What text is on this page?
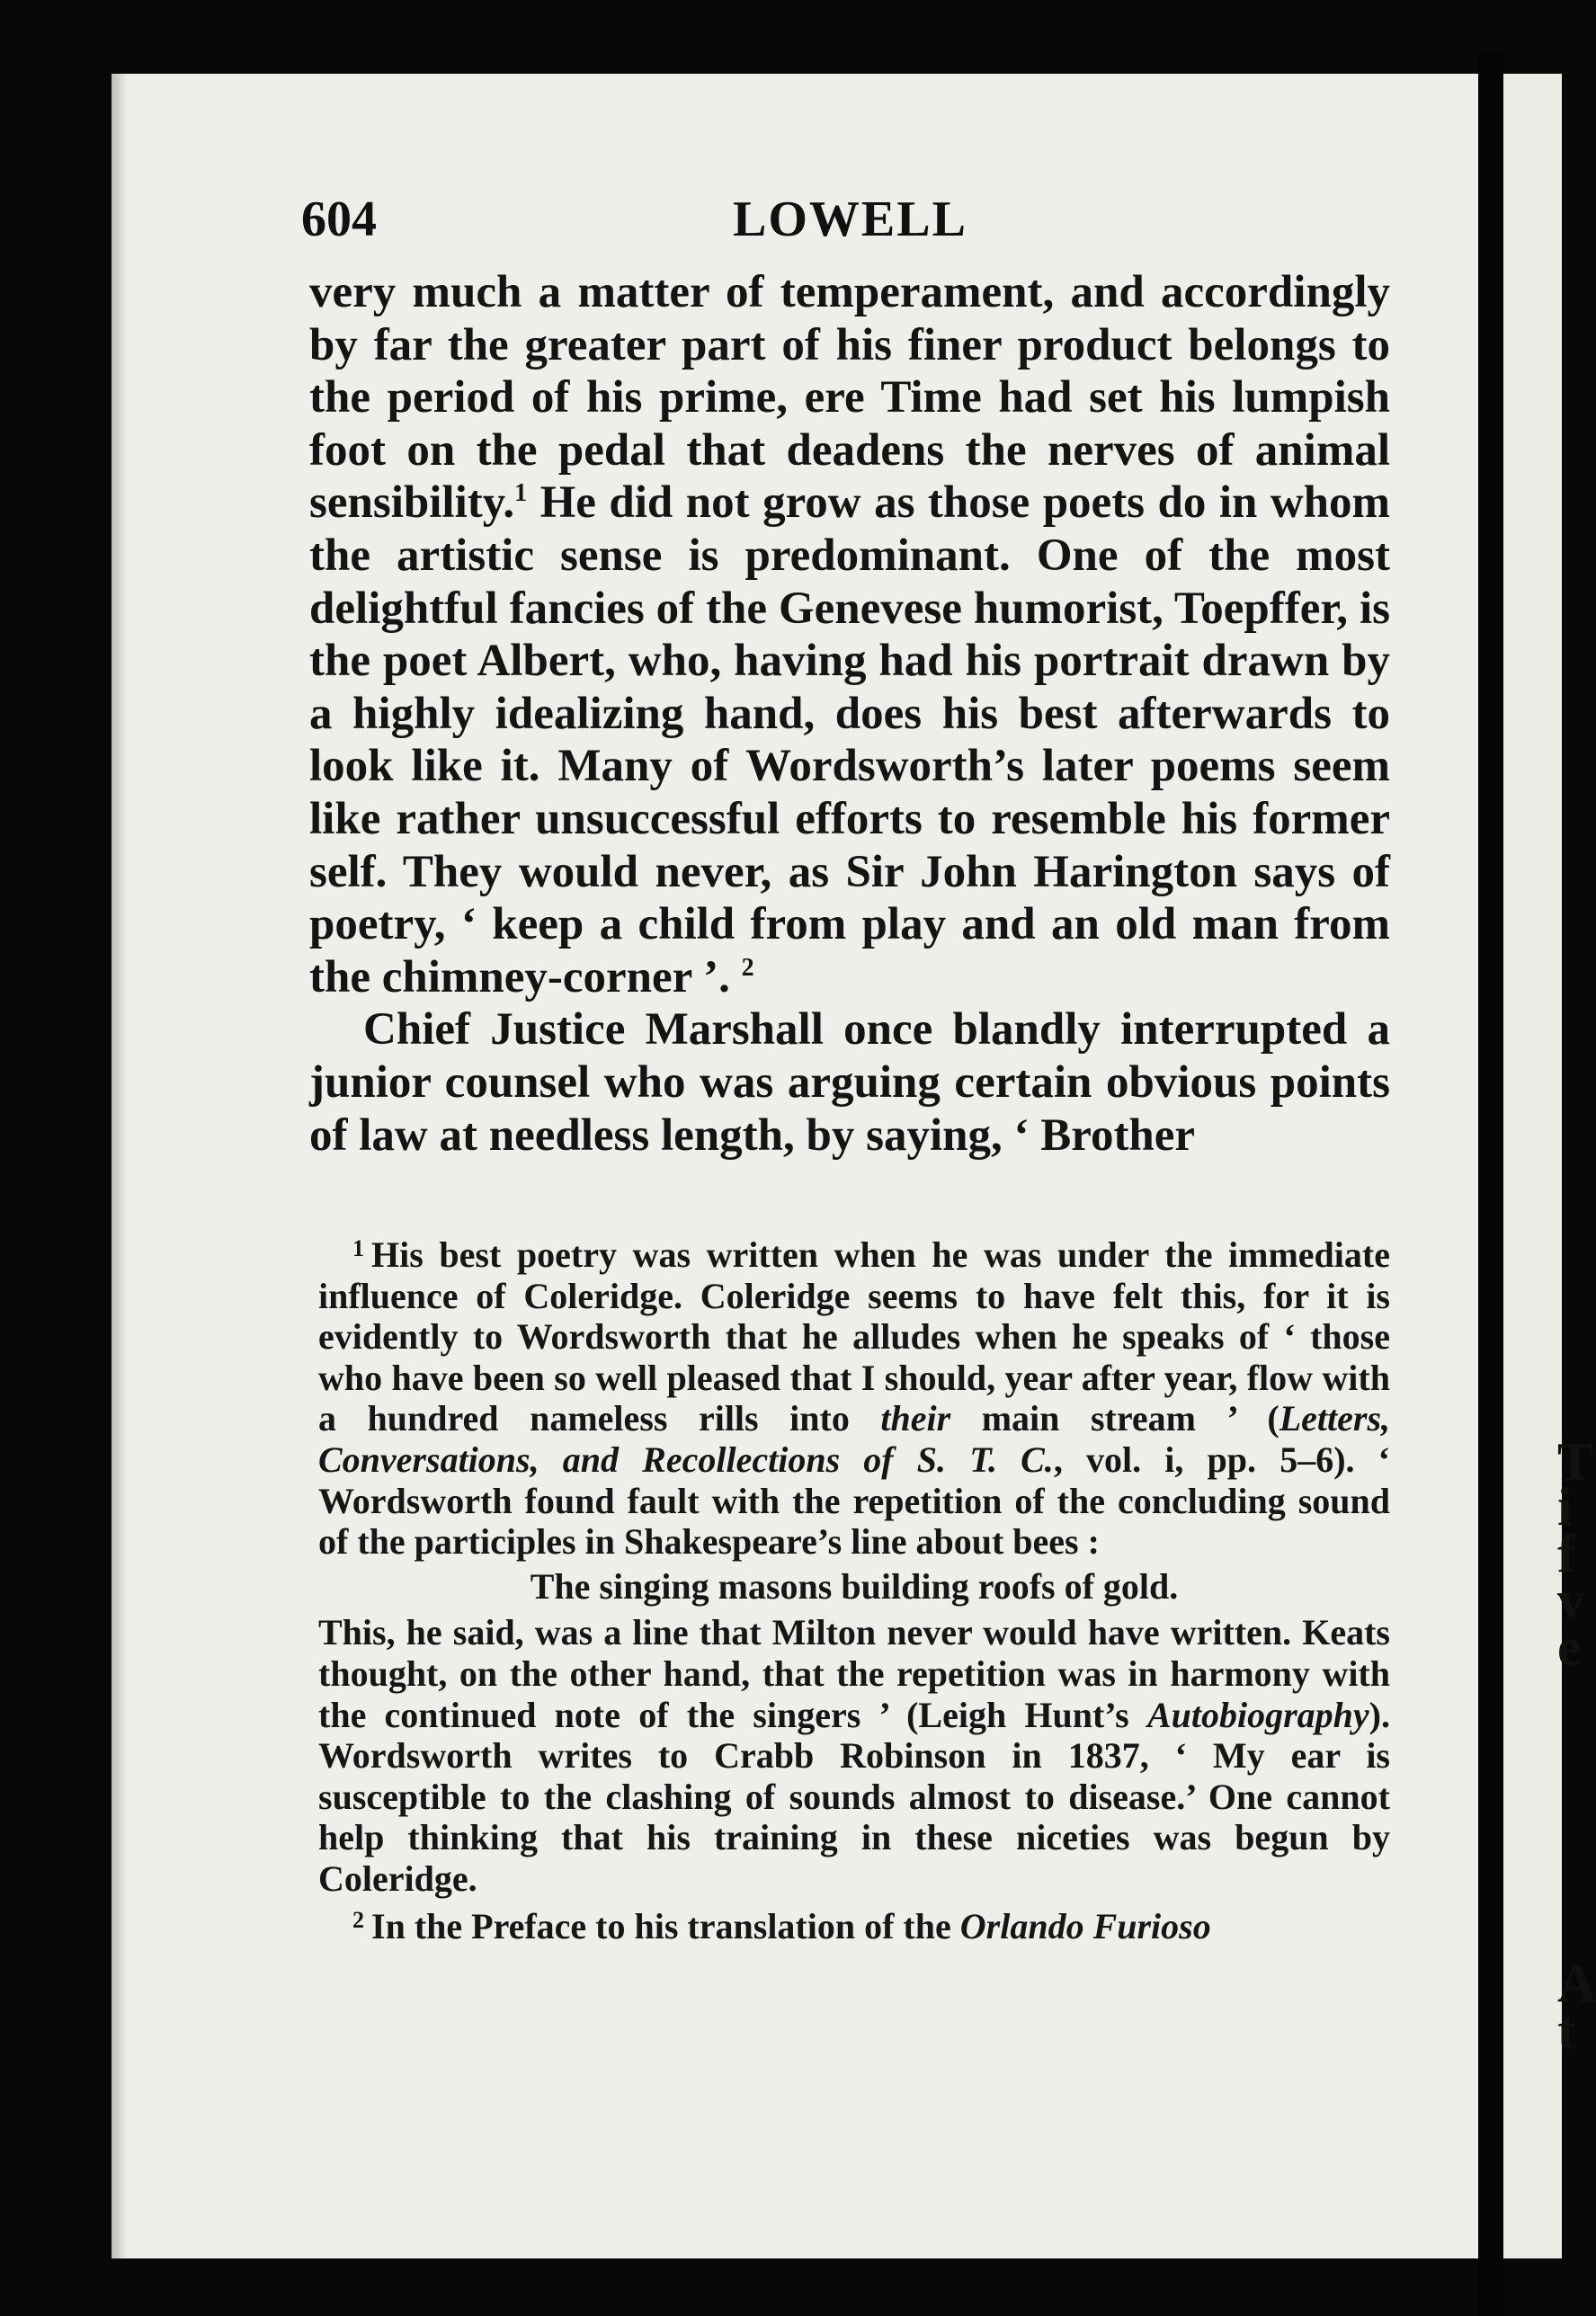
T
i
f
v
e
A
t
604	LOWELL

very much a matter of temperament, and accordingly by far the greater part of his finer product belongs to the period of his prime, ere Time had set his lumpish foot on the pedal that deadens the nerves of animal sensibility.$^1$ He did not grow as those poets do in whom the artistic sense is predominant. One of the most delightful fancies of the Genevese humorist, Toepffer, is the poet Albert, who, having had his portrait drawn by a highly idealizing hand, does his best afterwards to look like it. Many of Wordsworth’s later poems seem like rather unsuccessful efforts to resemble his former self. They would never, as Sir John Harington says of poetry, ‘ keep a child from play and an old man from the chimney-corner ’. $^2$

Chief Justice Marshall once blandly interrupted a junior counsel who was arguing certain obvious points of law at needless length, by saying, ‘ Brother

$^1$ His best poetry was written when he was under the immediate influence of Coleridge. Coleridge seems to have felt this, for it is evidently to Wordsworth that he alludes when he speaks of ‘ those who have been so well pleased that I should, year after year, flow with a hundred nameless rills into their main stream ’ (Letters, Conversations, and Recollections of S. T. C., vol. i, pp. 5–6). ‘ Wordsworth found fault with the repetition of the concluding sound of the participles in Shakespeare’s line about bees :

The singing masons building roofs of gold.

This, he said, was a line that Milton never would have written. Keats thought, on the other hand, that the repetition was in harmony with the continued note of the singers ’ (Leigh Hunt’s Autobiography). Wordsworth writes to Crabb Robinson in 1837, ‘ My ear is susceptible to the clashing of sounds almost to disease.’ One cannot help thinking that his training in these niceties was begun by Coleridge.

$^2$ In the Preface to his translation of the Orlando Furioso
